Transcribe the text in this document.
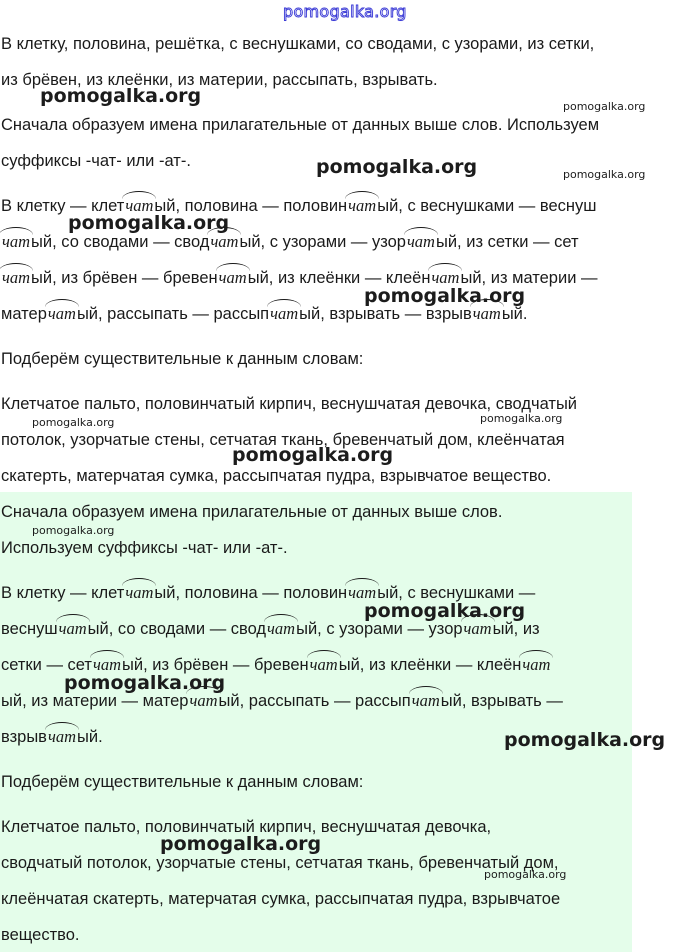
В клетку, половина, решётка, с веснушками, со сводами, с узорами, из сетки,

из брёвен, из клеёнки, из материи, рассыпать, взрывать.

Сначала образуем имена прилагательные от данных выше слов. Используем

суффиксы -чат- или -ат-.

В клетку — клетчатый, половина — половинчатый, с веснушками — веснуш

чатый, со сводами — сводчатый, с узорами — узорчатый, из сетки — сет

чатый, из брёвен — бревенчатый, из клеёнки — клеёнчатый, из материи —

матерчатый, рассыпать — рассыпчатый, взрывать — взрывчатый.

Подберём существительные к данным словам:

Клетчатое пальто, половинчатый кирпич, веснушчатая девочка, сводчатый

потолок, узорчатые стены, сетчатая ткань, бревенчатый дом, клеёнчатая

скатерть, матерчатая сумка, рассыпчатая пудра, взрывчатое вещество.

Сначала образуем имена прилагательные от данных выше слов.

Используем суффиксы -чат- или -ат-.

В клетку — клетчатый, половина — половинчатый, с веснушками —

веснушчатый, со сводами — сводчатый, с узорами — узорчатый, из

сетки — сетчатый, из брёвен — бревенчатый, из клеёнки — клеёнчат

ый, из материи — матерчатый, рассыпать — рассыпчатый, взрывать —

взрывчатый.

Подберём существительные к данным словам:

Клетчатое пальто, половинчатый кирпич, веснушчатая девочка,

сводчатый потолок, узорчатые стены, сетчатая ткань, бревенчатый дом,

клеёнчатая скатерть, матерчатая сумка, рассыпчатая пудра, взрывчатое

вещество.

pomogalka.org
pomogalka.org	pomogalka.org
pomogalka.org	pomogalka.org
pomogalka.org
pomogalka.org
pomogalka.org	pomogalka.org
pomogalka.org
pomogalka.org
pomogalka.org
pomogalka.org
pomogalka.org
pomogalka.org
pomogalka.org
